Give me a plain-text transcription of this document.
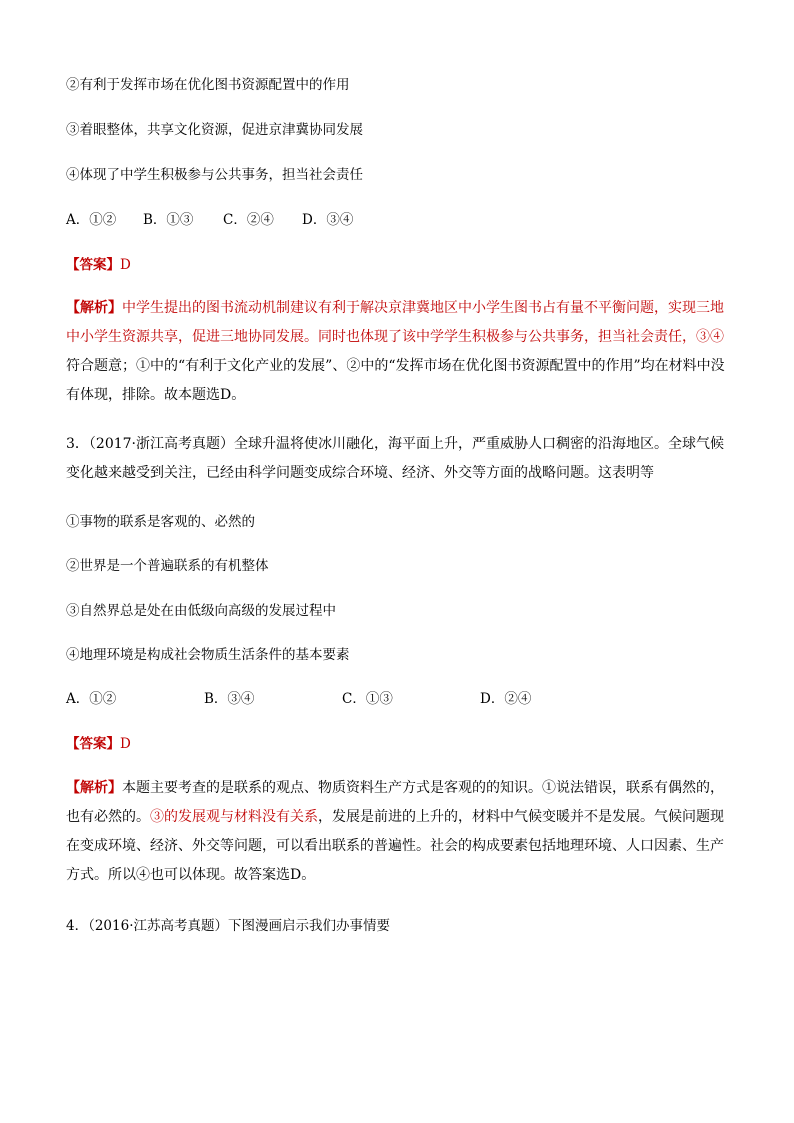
②有利于发挥市场在优化图书资源配置中的作用
③着眼整体，共享文化资源，促进京津冀协同发展
④体现了中学生积极参与公共事务，担当社会责任
A．①② B．①③ C．②④ D．③④
【答案】D
【解析】中学生提出的图书流动机制建议有利于解决京津冀地区中小学生图书占有量不平衡问题，实现三地中小学生资源共享，促进三地协同发展。同时也体现了该中学学生积极参与公共事务，担当社会责任，③④符合题意；①中的“有利于文化产业的发展”、②中的“发挥市场在优化图书资源配置中的作用”均在材料中没有体现，排除。故本题选D。
3．（2017·浙江高考真题）全球升温将使冰川融化，海平面上升，严重威胁人口稠密的沿海地区。全球气候变化越来越受到关注，已经由科学问题变成综合环境、经济、外交等方面的战略问题。这表明等
①事物的联系是客观的、必然的
②世界是一个普遍联系的有机整体
③自然界总是处在由低级向高级的发展过程中
④地理环境是构成社会物质生活条件的基本要素
A．①②	B．③④	C．①③	D．②④
【答案】D
【解析】本题主要考查的是联系的观点、物质资料生产方式是客观的的知识。①说法错误，联系有偶然的，也有必然的。③的发展观与材料没有关系，发展是前进的上升的，材料中气候变暖并不是发展。气候问题现在变成环境、经济、外交等问题，可以看出联系的普遍性。社会的构成要素包括地理环境、人口因素、生产方式。所以④也可以体现。故答案选D。
4．（2016·江苏高考真题）下图漫画启示我们办事情要
